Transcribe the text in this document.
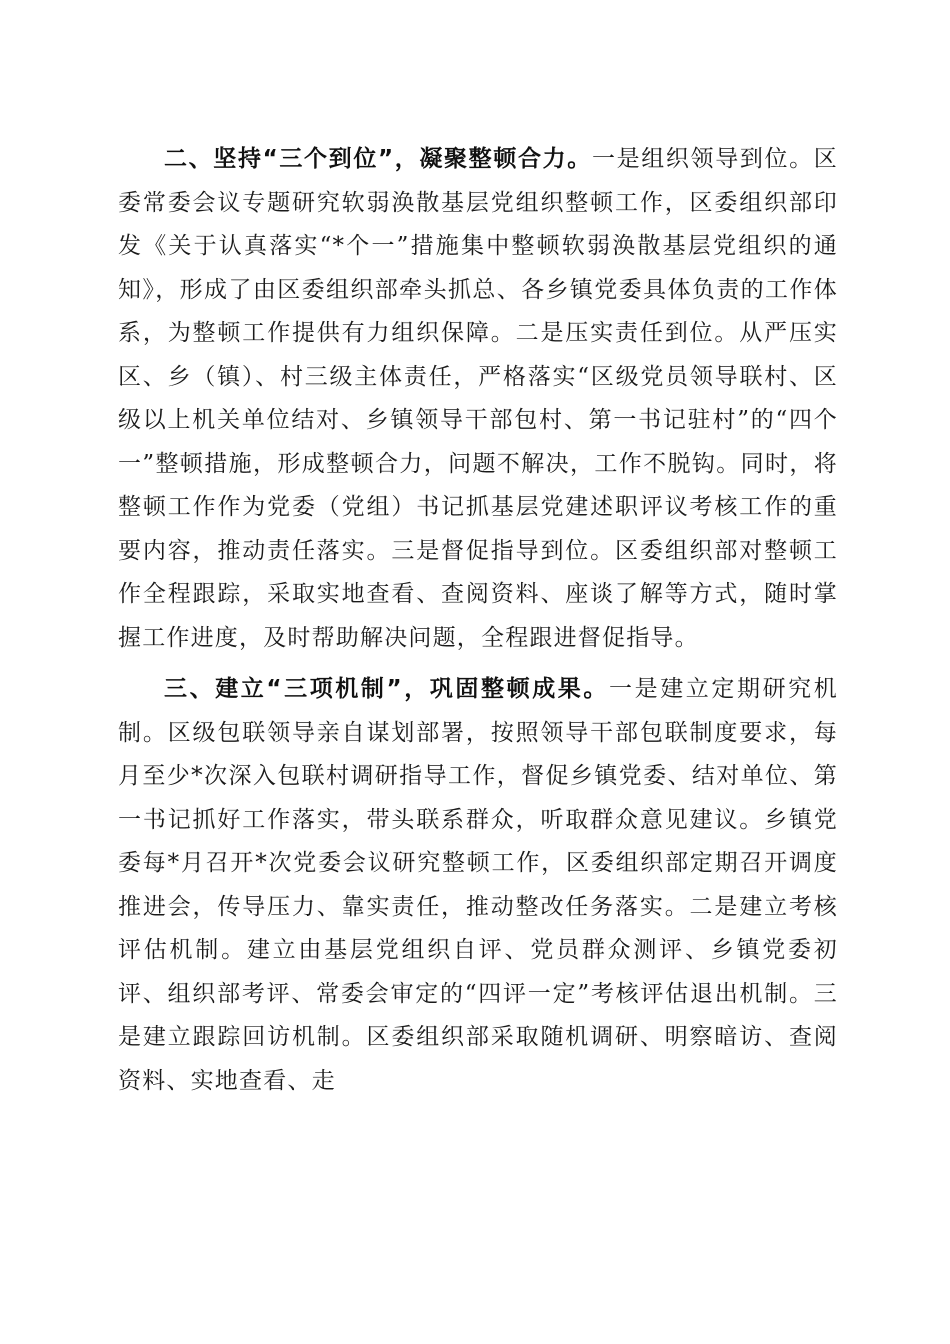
二、坚持“三个到位”，凝聚整顿合力。一是组织领导到位。区委常委会议专题研究软弱涣散基层党组织整顿工作，区委组织部印发《关于认真落实“*个一”措施集中整顿软弱涣散基层党组织的通知》，形成了由区委组织部牵头抓总、各乡镇党委具体负责的工作体系，为整顿工作提供有力组织保障。二是压实责任到位。从严压实区、乡（镇）、村三级主体责任，严格落实“区级党员领导联村、区级以上机关单位结对、乡镇领导干部包村、第一书记驻村”的“四个一”整顿措施，形成整顿合力，问题不解决，工作不脱钩。同时，将整顿工作作为党委（党组）书记抓基层党建述职评议考核工作的重要内容，推动责任落实。三是督促指导到位。区委组织部对整顿工作全程跟踪，采取实地查看、查阅资料、座谈了解等方式，随时掌握工作进度，及时帮助解决问题，全程跟进督促指导。

三、建立“三项机制”，巩固整顿成果。一是建立定期研究机制。区级包联领导亲自谋划部署，按照领导干部包联制度要求，每月至少*次深入包联村调研指导工作，督促乡镇党委、结对单位、第一书记抓好工作落实，带头联系群众，听取群众意见建议。乡镇党委每*月召开*次党委会议研究整顿工作，区委组织部定期召开调度推进会，传导压力、靠实责任，推动整改任务落实。二是建立考核评估机制。建立由基层党组织自评、党员群众测评、乡镇党委初评、组织部考评、常委会审定的“四评一定”考核评估退出机制。三是建立跟踪回访机制。区委组织部采取随机调研、明察暗访、查阅资料、实地查看、走
